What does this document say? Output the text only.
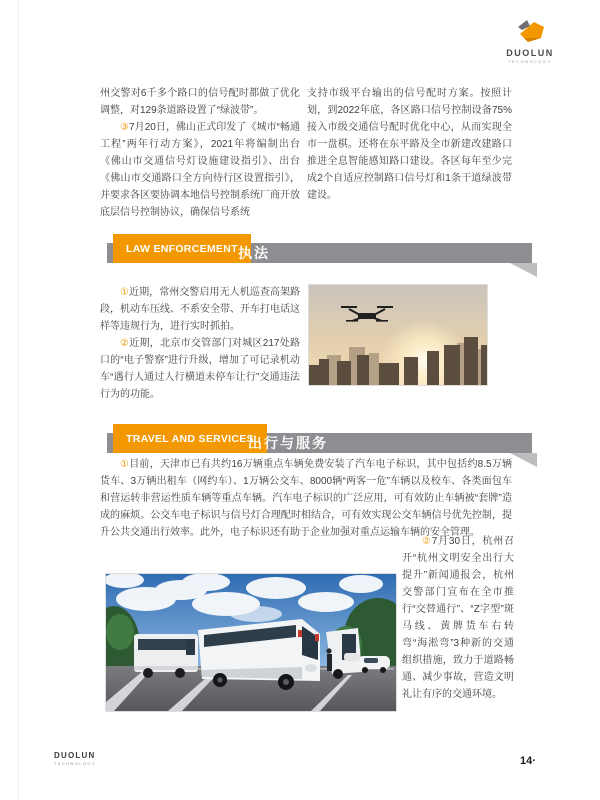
DUOLUN
TECHNOLOGY

州交警对6千多个路口的信号配时都做了优化调整，对129条道路设置了“绿波带”。

③7月20日，佛山正式印发了《城市“畅通工程”两年行动方案》，2021年将编制出台《佛山市交通信号灯设施建设指引》、出台《佛山市交通路口全方向待行区设置指引》，并要求各区要协调本地信号控制系统厂商开放底层信号控制协议，确保信号系统

支持市级平台输出的信号配时方案。按照计划，到2022年底，各区路口信号控制设备75%接入市级交通信号配时优化中心，从而实现全市一盘棋。还将在东平路及全市新建改建路口推进全息智能感知路口建设。各区每年至少完成2个自适应控制路口信号灯和1条干道绿波带建设。

LAW ENFORCEMENT 执法

①近期，常州交警启用无人机巡查高架路段，机动车压线、不系安全带、开车打电话这样等违规行为，进行实时抓拍。

②近期，北京市交管部门对城区217处路口的“电子警察”进行升级，增加了可记录机动车“遇行人通过人行横道未停车让行”交通违法行为的功能。

TRAVEL AND SERVICES
出行与服务

①目前，天津市已有共约16万辆重点车辆免费安装了汽车电子标识，其中包括约8.5万辆货车、3万辆出租车（网约车）、1万辆公交车、8000辆“两客一危”车辆以及校车、各类面包车和营运转非营运性质车辆等重点车辆。汽车电子标识的广泛应用，可有效防止车辆被“套牌”造成的麻烦。公交车电子标识与信号灯合理配时相结合，可有效实现公交车辆信号优先控制，提升公共交通出行效率。此外，电子标识还有助于企业加强对重点运输车辆的安全管理。

②7月30日，杭州召开“杭州文明安全出行大提升”新闻通报会，杭州交警部门宣布在全市推行“交替通行”、“Z字型”斑马线、黄牌货车右转弯“海淞弯”3种新的交通组织措施，致力于道路畅通、减少事故，营造文明礼让有序的交通环境。

DUOLUN
TECHNOLOGY	14·
